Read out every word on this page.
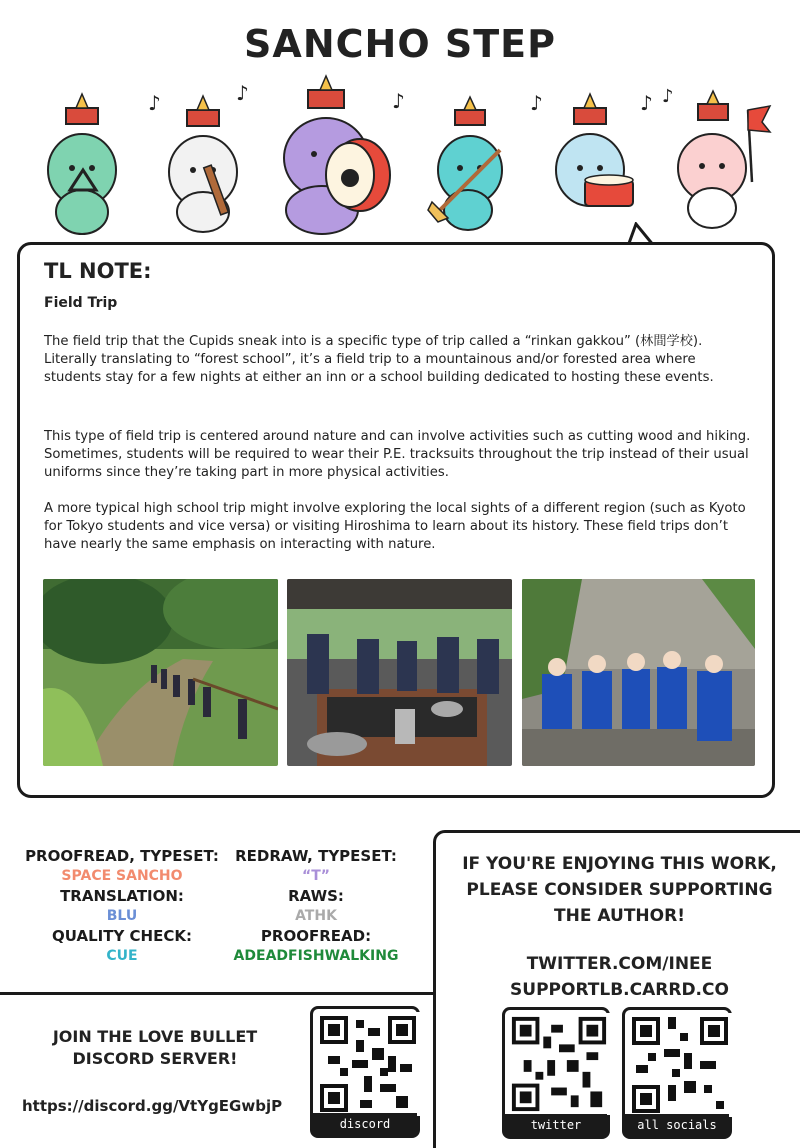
SANCHO STEP
♪	♪	♪	♪	♪ ♪
TL NOTE:
Field Trip

The field trip that the Cupids sneak into is a specific type of trip called a “rinkan gakkou” (林間学校). Literally translating to “forest school”, it’s a field trip to a mountainous and/or forested area where students stay for a few nights at either an inn or a school building dedicated to hosting these events.

This type of field trip is centered around nature and can involve activities such as cutting wood and hiking. Sometimes, students will be required to wear their P.E. tracksuits throughout the trip instead of their usual uniforms since they’re taking part in more physical activities.

A more typical high school trip might involve exploring the local sights of a different region (such as Kyoto for Tokyo students and vice versa) or visiting Hiroshima to learn about its history. These field trips don’t have nearly the same emphasis on interacting with nature.

PROOFREAD, TYPESET:
SPACE SANCHO
TRANSLATION:
BLU
QUALITY CHECK:
CUE
REDRAW, TYPESET:
“T”
RAWS:
ATHK
PROOFREAD:
ADEADFISHWALKING
JOIN THE LOVE BULLET
DISCORD SERVER!
https://discord.gg/VtYgEGwbjP
discord
IF YOU'RE ENJOYING THIS WORK,
PLEASE CONSIDER SUPPORTING
THE AUTHOR!
TWITTER.COM/INEE
SUPPORTLB.CARRD.CO
twitter	all socials
